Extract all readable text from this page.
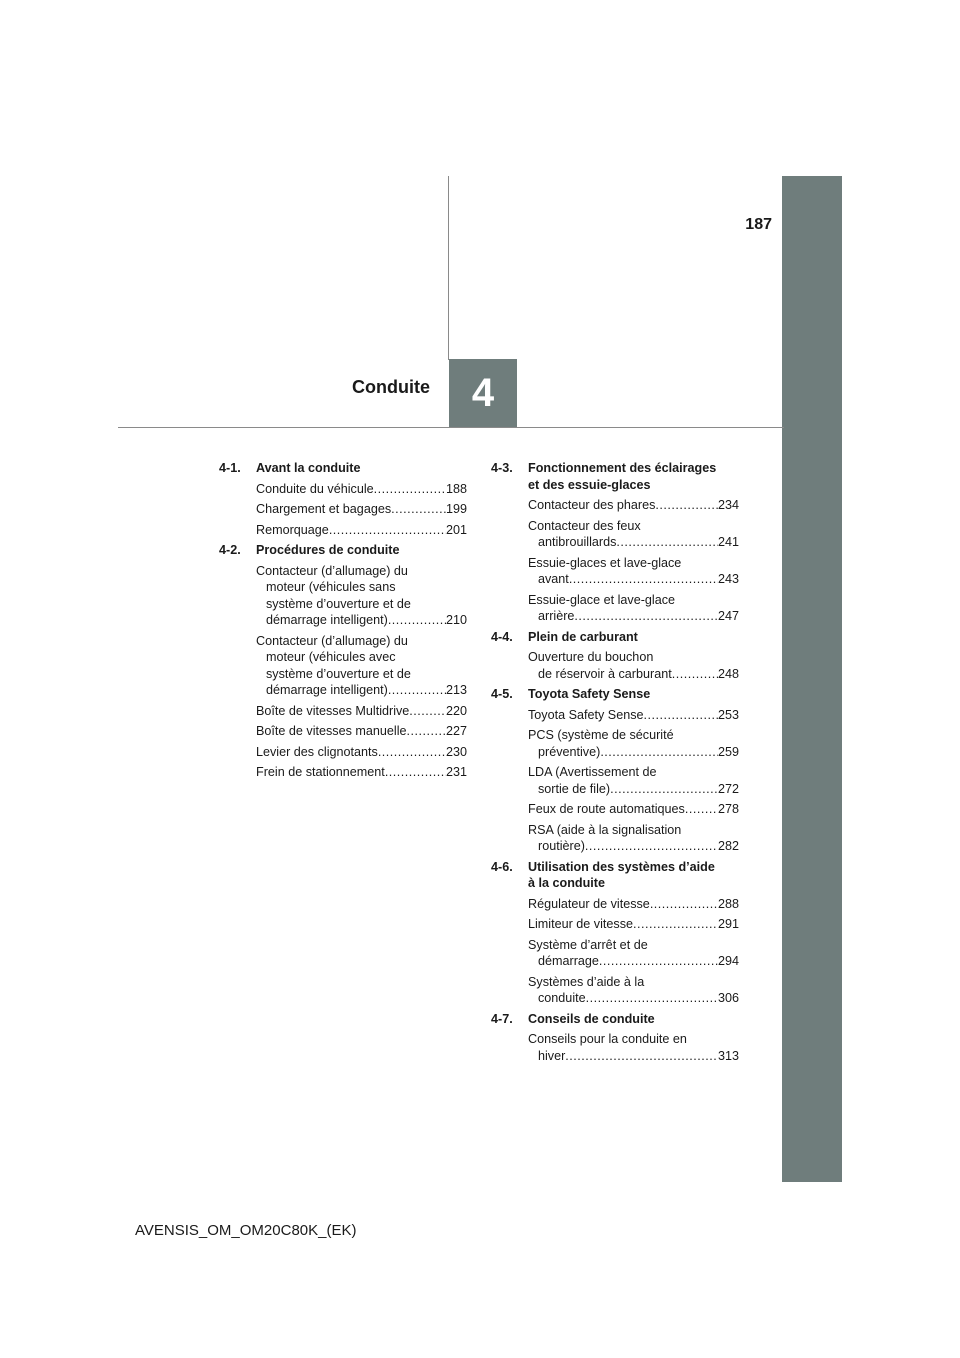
187
Conduite 4
4-1.	Avant la conduite
Conduite du véhicule .....	188
Chargement et bagages .....	199
Remorquage .....	201
4-2.	Procédures de conduite
Contacteur (d’allumage) du
moteur (véhicules sans
système d’ouverture et de
démarrage intelligent) .....	210
Contacteur (d’allumage) du
moteur (véhicules avec
système d’ouverture et de
démarrage intelligent) .....	213
Boîte de vitesses Multidrive .....	220
Boîte de vitesses manuelle .....	227
Levier des clignotants .....	230
Frein de stationnement .....	231
4-3.	Fonctionnement des éclairages
et des essuie-glaces
Contacteur des phares .....	234
Contacteur des feux
antibrouillards .....	241
Essuie-glaces et lave-glace
avant .....	243
Essuie-glace et lave-glace
arrière .....	247
4-4.	Plein de carburant
Ouverture du bouchon
de réservoir à carburant .....	248
4-5.	Toyota Safety Sense
Toyota Safety Sense .....	253
PCS (système de sécurité
préventive) .....	259
LDA (Avertissement de
sortie de file) .....	272
Feux de route automatiques .....	278
RSA (aide à la signalisation
routière) .....	282
4-6.	Utilisation des systèmes d’aide
à la conduite
Régulateur de vitesse .....	288
Limiteur de vitesse .....	291
Système d’arrêt et de
démarrage .....	294
Systèmes d’aide à la
conduite .....	306
4-7.	Conseils de conduite
Conseils pour la conduite en
hiver .....	313
AVENSIS_OM_OM20C80K_(EK)
